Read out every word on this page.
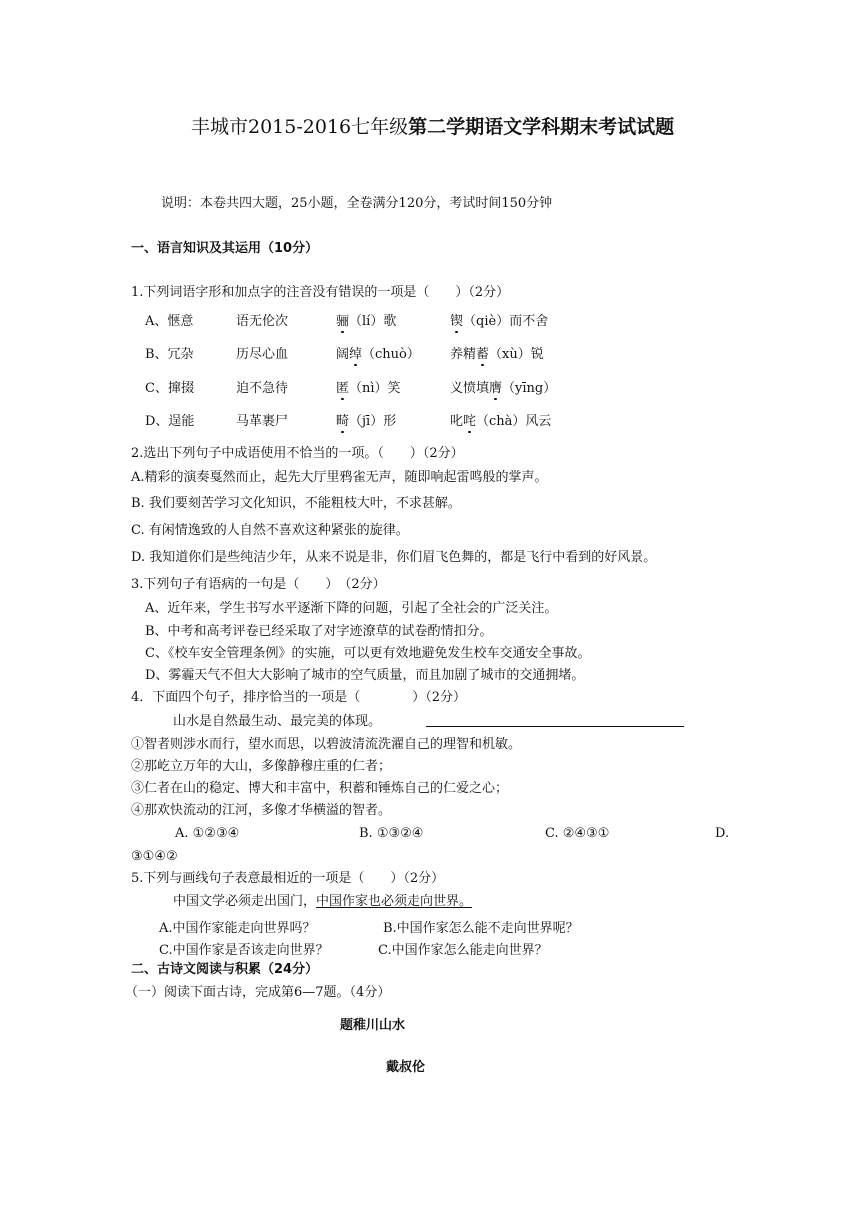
丰城市2015-2016七年级第二学期语文学科期末考试试题
说明：本卷共四大题，25小题，全卷满分120分，考试时间150分钟
一、语言知识及其运用（10分）
1.下列词语字形和加点字的注音没有错误的一项是（　　）（2分）
A、惬意	语无伦次	骊（lí）歌	锲（qiè）而不舍
B、冗杂	历尽心血	阔绰（chuò） 养精蓄（xù）锐
C、撺掇	迫不急待	匿（nì）笑	义愤填膺（yīng）
D、逞能	马革裹尸	畸（jī）形	叱咤（chà）风云
2.选出下列句子中成语使用不恰当的一项。（　　）（2分）
A.精彩的演奏戛然而止，起先大厅里鸦雀无声，随即响起雷鸣般的掌声。
B. 我们要刻苦学习文化知识，不能粗枝大叶，不求甚解。
C. 有闲情逸致的人自然不喜欢这种紧张的旋律。
D. 我知道你们是些纯洁少年，从来不说是非，你们眉飞色舞的，都是飞行中看到的好风景。
3.下列句子有语病的一句是（　　）　（2分）
A、近年来，学生书写水平逐渐下降的问题，引起了全社会的广泛关注。
B、中考和高考评卷已经采取了对字迹潦草的试卷酌情扣分。
C、《校车安全管理条例》的实施，可以更有效地避免发生校车交通安全事故。
D、雾霾天气不但大大影响了城市的空气质量，而且加剧了城市的交通拥堵。
4．下面四个句子，排序恰当的一项是（　　　　）（2分）
山水是自然最生动、最完美的体现。
①智者则涉水而行，望水而思，以碧波清流洗濯自己的理智和机敏。
②那屹立万年的大山，多像静穆庄重的仁者；
③仁者在山的稳定、博大和丰富中，积蓄和锤炼自己的仁爱之心；
④那欢快流动的江河，多像才华横溢的智者。
A. ①②③④	B. ①③②④	C. ②④③①	D.
③①④②
5.下列与画线句子表意最相近的一项是（　　）（2分）
中国文学必须走出国门，中国作家也必须走向世界。
A.中国作家能走向世界吗？	B.中国作家怎么能不走向世界呢？
C.中国作家是否该走向世界？	C.中国作家怎么能走向世界？
二、古诗文阅读与积累（24分）
（一）阅读下面古诗，完成第6—7题。（4分）
题稚川山水
戴叔伦
